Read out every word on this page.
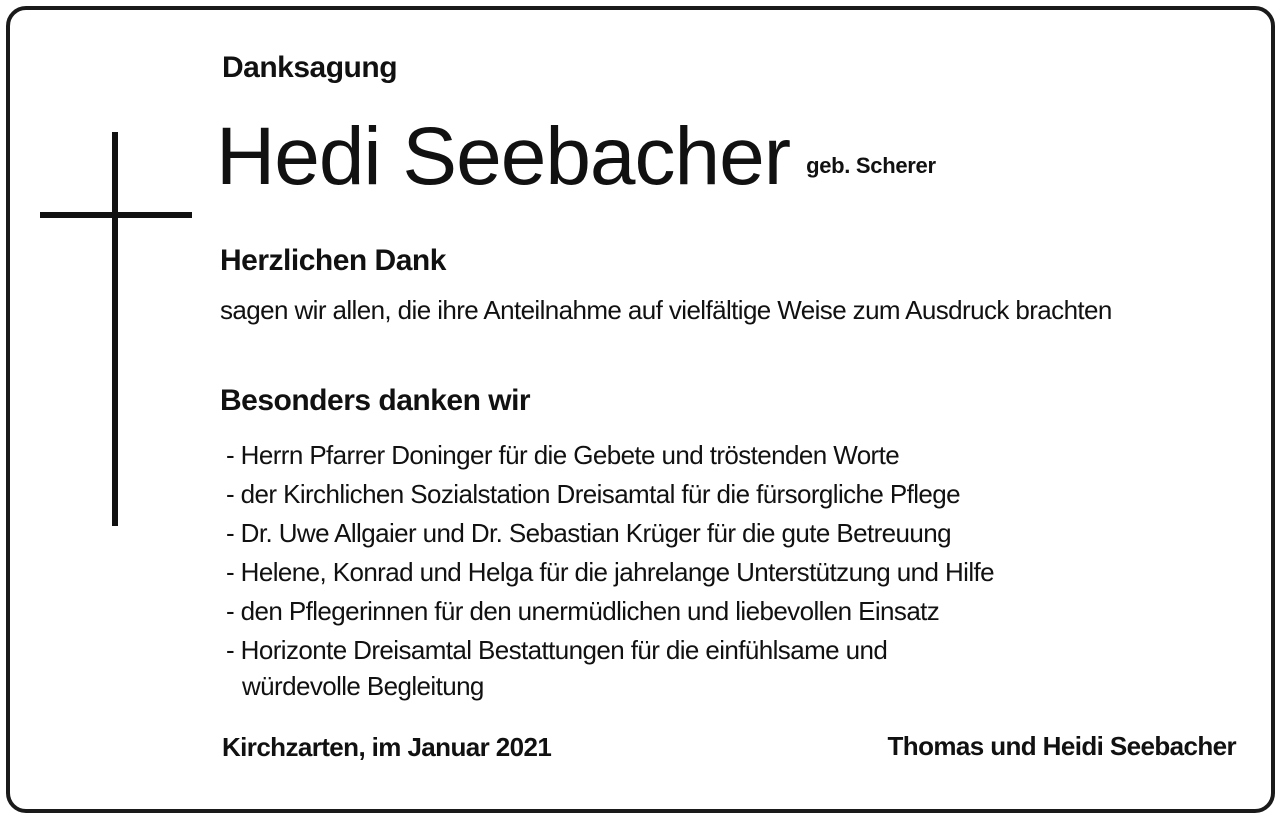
Danksagung
Hedi Seebacher geb. Scherer
Herzlichen Dank

sagen wir allen, die ihre Anteilnahme auf vielfältige Weise zum Ausdruck brachten

Besonders danken wir
- Herrn Pfarrer Doninger für die Gebete und tröstenden Worte
- der Kirchlichen Sozialstation Dreisamtal für die fürsorgliche Pflege
- Dr. Uwe Allgaier und Dr. Sebastian Krüger für die gute Betreuung
- Helene, Konrad und Helga für die jahrelange Unterstützung und Hilfe
- den Pflegerinnen für den unermüdlichen und liebevollen Einsatz
- Horizonte Dreisamtal Bestattungen für die einfühlsame und
würdevolle Begleitung

Kirchzarten, im Januar 2021	Thomas und Heidi Seebacher
